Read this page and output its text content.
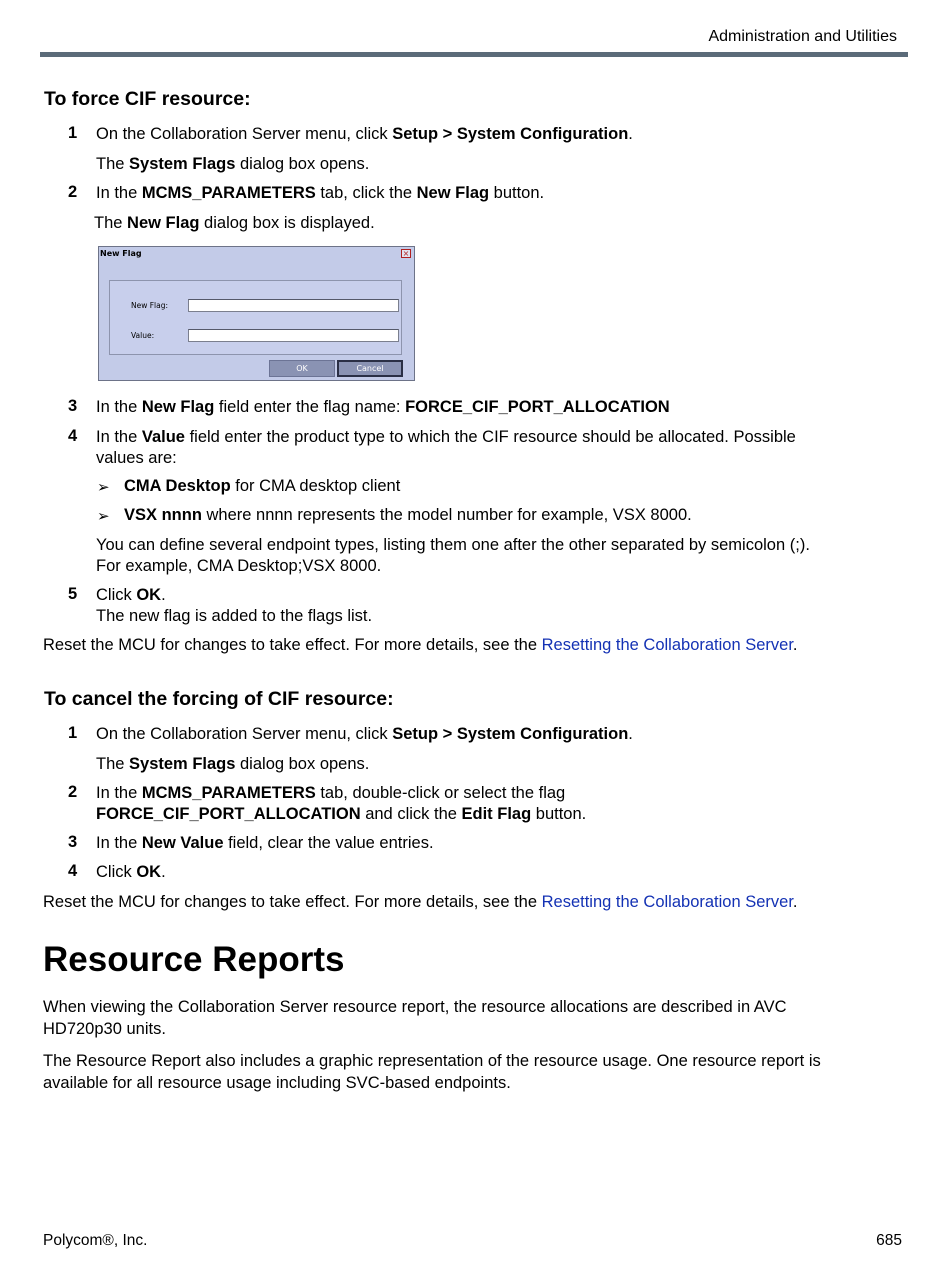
Administration and Utilities
To force CIF resource:
1 On the Collaboration Server menu, click Setup > System Configuration.
The System Flags dialog box opens.
2 In the MCMS_PARAMETERS tab, click the New Flag button.
The New Flag dialog box is displayed.
New Flag	×
New Flag:
Value:
OK	Cancel
3 In the New Flag field enter the flag name: FORCE_CIF_PORT_ALLOCATION
4 In the Value field enter the product type to which the CIF resource should be allocated. Possible
values are:
➢ CMA Desktop for CMA desktop client
➢ VSX nnnn where nnnn represents the model number for example, VSX 8000.
You can define several endpoint types, listing them one after the other separated by semicolon (;).
For example, CMA Desktop;VSX 8000.
5 Click OK.
The new flag is added to the flags list.
Reset the MCU for changes to take effect. For more details, see the Resetting the Collaboration Server.
To cancel the forcing of CIF resource:
1 On the Collaboration Server menu, click Setup > System Configuration.
The System Flags dialog box opens.
2 In the MCMS_PARAMETERS tab, double-click or select the flag
FORCE_CIF_PORT_ALLOCATION and click the Edit Flag button.
3 In the New Value field, clear the value entries.
4 Click OK.
Reset the MCU for changes to take effect. For more details, see the Resetting the Collaboration Server.
Resource Reports
When viewing the Collaboration Server resource report, the resource allocations are described in AVC
HD720p30 units.
The Resource Report also includes a graphic representation of the resource usage. One resource report is
available for all resource usage including SVC-based endpoints.
Polycom®, Inc.	685
